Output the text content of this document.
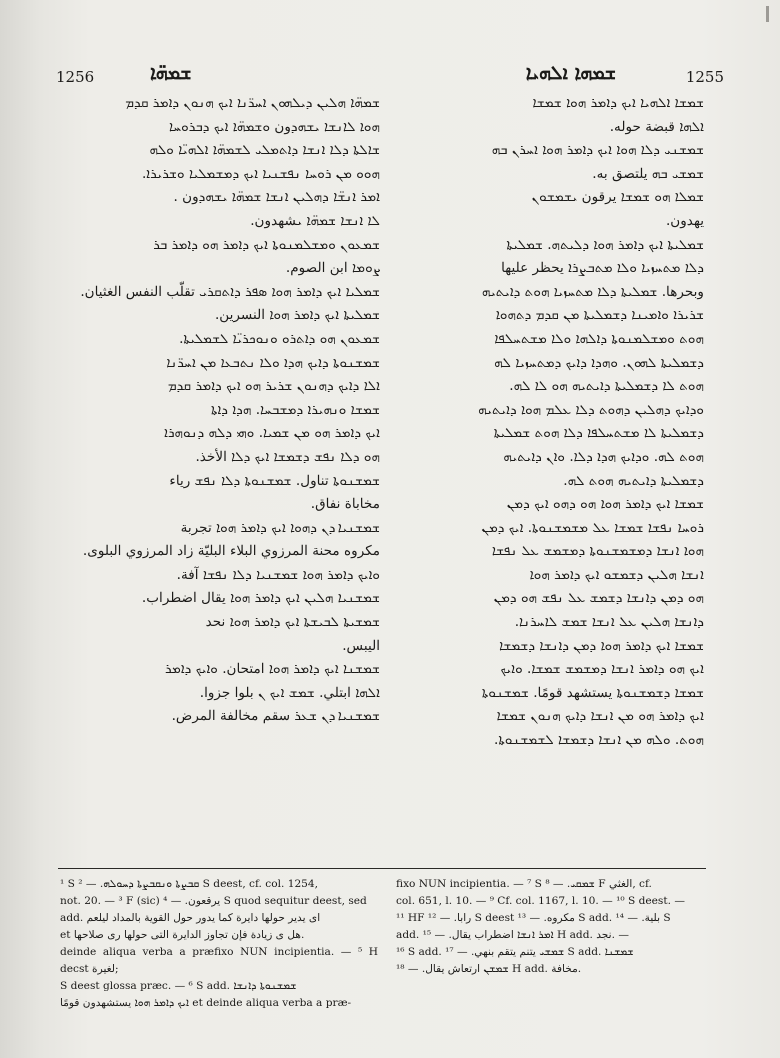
1256	ܫܡܗ̈ܐ	ܫܡܗܐ ܐܠܗܝܐ	1255

ܫܡܗ̈ܐ ܗܠܝܢ ܕܝܠܗܘܢ ܐܚܪ̈ܢܐ ܐܝܟ ܗܢܘܢ ܕܐܡܪ ܩܕܡ

ܗܘܐ ܠܐܢܫܐ ܝܫܗܕون ܘܫܡܗ̈ܐ ܐܝܟ ܕܒܪܘܚܐ

ܫܐܠܬܐ ܕܠܐ ܐܢܫܐ ܕܐܬܡܠܝ ܠܫܡܗ̈ܐ ܐܠܗܝ̈ܐ ܘܠܗ

ܗܘܘ ܡܢ ܪܘܚܐ ܢܦܫܢܝܐ ܐܝܟ ܕܡܫܡܠܝܐ ܘܫܪܝܪܐ.

ܐܡܪ ܐܢܫ̈ܐ ܕܗܠܝܢ ܐܢܫܐ ܫܡܗ̈ܐ ܝܫܗܕون .

ܠܐ ܐܢܫܐ ܫܡܗ̈ܐ ܝشهدون.

ܫܡܥܘܢ ܘܡܫܠܡܢܘܬܐ ܐܝܟ ܕܐܡܪ ܗܘ ܕܐܡܪ ܒܪ

ܨܘܡܐ ابن الصوم.

ܫܡܠܝܐ ܐܝܟ ܕܐܡܪ ܗܘܐ ܣܦܪ ܕܐܬܩܪܝ تقلّب النفس الغثيان.

ܫܡܠܝܬܐ ܐܝܟ ܕܐܡܪ ܗܘܐ النسرين.

ܫܡܥܘܢ ܗܘ ܕܐܬܪܘ ܘܢܘܟܪܝ̈ܐ ܠܫܡܠܝܬܐ.

ܫܡܫܢܘܬܐ ܕܐܝܟ ܗܕܐ ܘܠܐ ܢܬܒܥܐ ܡܢ ܐܚܪ̈ܢܐ

ܐܠܐ ܕܐܝܟ ܕܗܢܘܢ ܫܪܝܪ ܗܘ ܐܝܟ ܕܐܡܪ ܩܕܡ

ܫܡܫܐ ܘܢܗܝܪܐ ܕܡܫܒܚܐ. ܗܕܐ ܕܐܬܐ

ܐܝܟ ܕܐܡܪ ܗܘ ܡܢ ܫܡܝܐ. ܘܗܝ ܕܠܗ ܕܢܘܗܪܐ

ܗܘ ܕܠܐ ܢܦܫ ܕܫܡܫܐ ܐܝܟ ܕܠܐ الأخذ.

ܫܡܫܢܘܬܐ تناول. ܫܡܫܢܘܬܐ ܕܠܐ ܢܦܫ رياء

مخاباة نفاق.

ܫܡܫܢܝܐ ܕܢ ܕܗܘܐ ܐܝܟ ܕܐܡܪ ܗܘܐ تجربة

مكروه محنة المرزوي البلاء البليّة زاد المرزوي البلوى.

ܘܐܝܟ ܕܐܡܪ ܗܘܐ ܫܡܫܢܝܐ ܕܠܐ ܢܦܫܐ آفة.

ܫܡܫܢܝܐ ܗܠܝܢ ܐܝܟ ܕܐܡܪ ܗܘܐ يقال اضطراب.

ܫܡܫܝܬܐ ܠܒܝܫܬܐ ܐܝܟ ܕܐܡܪ ܗܘܐ نحد

اليبس.

ܫܡܫܢܐ ܐܝܟ ܕܐܡܪ ܗܘܐ امتحان. ܘܐܝܟ ܕܐܡܪ

ܐܠܗܐ ابتلي. ܫܡܫ ܐܝܟ ܢ بلوا جزوا.

ܫܡܫܢܝܐ ܕܢ ܫܥܪ سقم مخالفة المرض.

ܫܡܫܐ ܐܠܗܝܐ ܐܝܟ ܕܐܡܪ ܗܘܐ ܫܡܫܐ

ܐܠܗܐ قبضة حوله.

ܫܡܫܢܝ ܕܠܐ ܗܘܐ ܐܝܟ ܕܐܡܪ ܗܘܐ ܐܚܪܢ ܒܗ

ܫܡܫܝ ܒܗ يلتصق به.

ܫܡܠܐ ܗܘ ܫܡܫܐ يرقون ܝܫܡܫܘܢ

يهدون.

ܫܡܠܝܬܐ ܐܝܟ ܕܐܡܪ ܗܘܐ ܕܠܝܬܗ. ܫܡܠܝܬܐ

ܕܠܐ ܡܬܚܙܝܐ ܘܠܐ ܡܬܒܨܪܐ يحظر عليها

وبحرها. ܫܡܠܝܬܐ ܕܠܐ ܡܬܚܙܝܐ ܗܘܬ ܕܐܝܬܝܗ

ܫܪܝܪܐ ܘܐܡܝܢܐ ܕܫܡܠܝܬܐ ܡܢ ܩܕܡ ܕܬܗܘܐ

ܗܘܬ ܘܡܫܠܡܢܘܬܐ ܕܐܠܗܐ ܘܠܐ ܡܫܬܚܠܦܐ

ܕܫܡܠܝܬܐ ܠܗܘܢ. ܘܗܕܐ ܕܐܝܟ ܕܡܬܚܙܝܐ ܠܗ

ܗܘܬ ܠܐ ܕܫܡܠܝܬܐ ܕܐܝܬܝܗ ܗܘ ܠܐ ܠܗ.

ܘܕܐܝܟ ܕܗܠܝܢ ܕܗܘܬ ܕܠܐ ܥܠܡ ܗܘܐ ܕܐܝܬܝܗ

ܕܫܡܠܝܬܐ ܠܐ ܡܫܬܚܠܦܐ ܕܠܐ ܗܘܬ ܫܡܠܝܬܐ

ܗܘܬ ܠܗ. ܘܕܐܝܟ ܗܕܐ ܕܠܐ. ܘܐܢ ܕܐܝܬܝܗ

ܕܫܡܠܝܬܐ ܕܐܝܬܝܗ ܗܘܬ ܠܗ.

ܫܡܫܐ ܐܝܟ ܕܐܡܪ ܗܘܐ ܗܘ ܕܗܘ ܐܝܟ ܕܡܢ

ܪܘܚܐ ܢܦܫܐ ܫܡܫܐ ܥܠ ܡܫܡܫܢܘܬܐ. ܐܝܟ ܕܡܢ

ܗܘܐ ܐܢܫܐ ܕܡܫܡܫܢܘܬܐ ܕܡܫܡܫ ܥܠ ܢܦܫܐ

ܐܢܫܐ ܗܠܝܢ ܕܫܡܫܘ ܐܝܟ ܕܐܡܪ ܗܘܐ

ܗܘ ܕܡܢ ܕܐܢܫܐ ܕܫܡܫ ܥܠ ܢܦܫ ܗܘ ܕܡܢ

ܕܐܢܫܐ ܗܠܝܢ ܥܠ ܐܢܫܐ ܫܡܫ ܠܐܚܪܢܐ.

ܫܡܫܐ ܐܝܟ ܕܐܡܪ ܗܘܐ ܕܡܢ ܕܐܢܫܐ ܕܫܡܫܐ

ܐܝܟ ܗܘ ܕܐܡܪ ܐܢܫܐ ܕܡܫܡܫ ܫܡܫܐ. ܘܐܝܟ

ܫܡܫܐ ܕܫܡܫܢܘܬܐ يستشهد قومًا. ܫܡܫܢܘܬܐ

ܐܝܟ ܕܐܡܪ ܗܘ ܡܢ ܐܢܫܐ ܕܐܝܟ ܗܢܘܢ ܫܡܫܐ

ܗܘܬ. ܘܠܗ ܡܢ ܐܢܫܐ ܕܫܡܫܐ ܠܫܡܫܢܘܬܐ.

¹ S ܩܒܨܬܐ ܘܢܩܒܨܬܐ ܕܚܘܠܗ. — ² S deest, cf. col. 1254,

not. 20. — ³ F (sic) يرقعون. — ⁴ S quod sequitur deest, sed

add. اى يدير حولها دايرة كما يدور حول القوية بالمداد ليلعم

et هل ى زيادة فإن تجاوز الدايرة التى حولها رى صلاحها.

deinde aliqua verba a præfixo NUN incipientia. — ⁵ H decst لغيرة;

S deest glossa præc. — ⁶ S add. ܫܡܫܢܘܬܐ ܕܐܢܫܐ

ܐܝܟ ܕܐܡܪ ܗܘܐ يستشهدون قومًا et deinde aliqua verba a præ-

fixo NUN incipientia. — ⁷ S ܫܡܩܝ. — ⁸ F الغثي, cf.

col. 651, l. 10. — ⁹ Cf. col. 1167, l. 10. — ¹⁰ S deest. —

¹¹ HF رابا. — ¹² S deest مكروه. — ¹³ S add. بلية. — ¹⁴ S

add. ܐܡܪ ܐܢܫܐ اضطراب يقال. — ¹⁵ H add. نجد. —

¹⁶ S add. ܫܡܫܝ يتنم يتقم بنهي. — ¹⁷ S add. ܫܡܫܢܐ

ܫܡܫܢ ارتعاش يقال. — ¹⁸ H add. مخافة.
